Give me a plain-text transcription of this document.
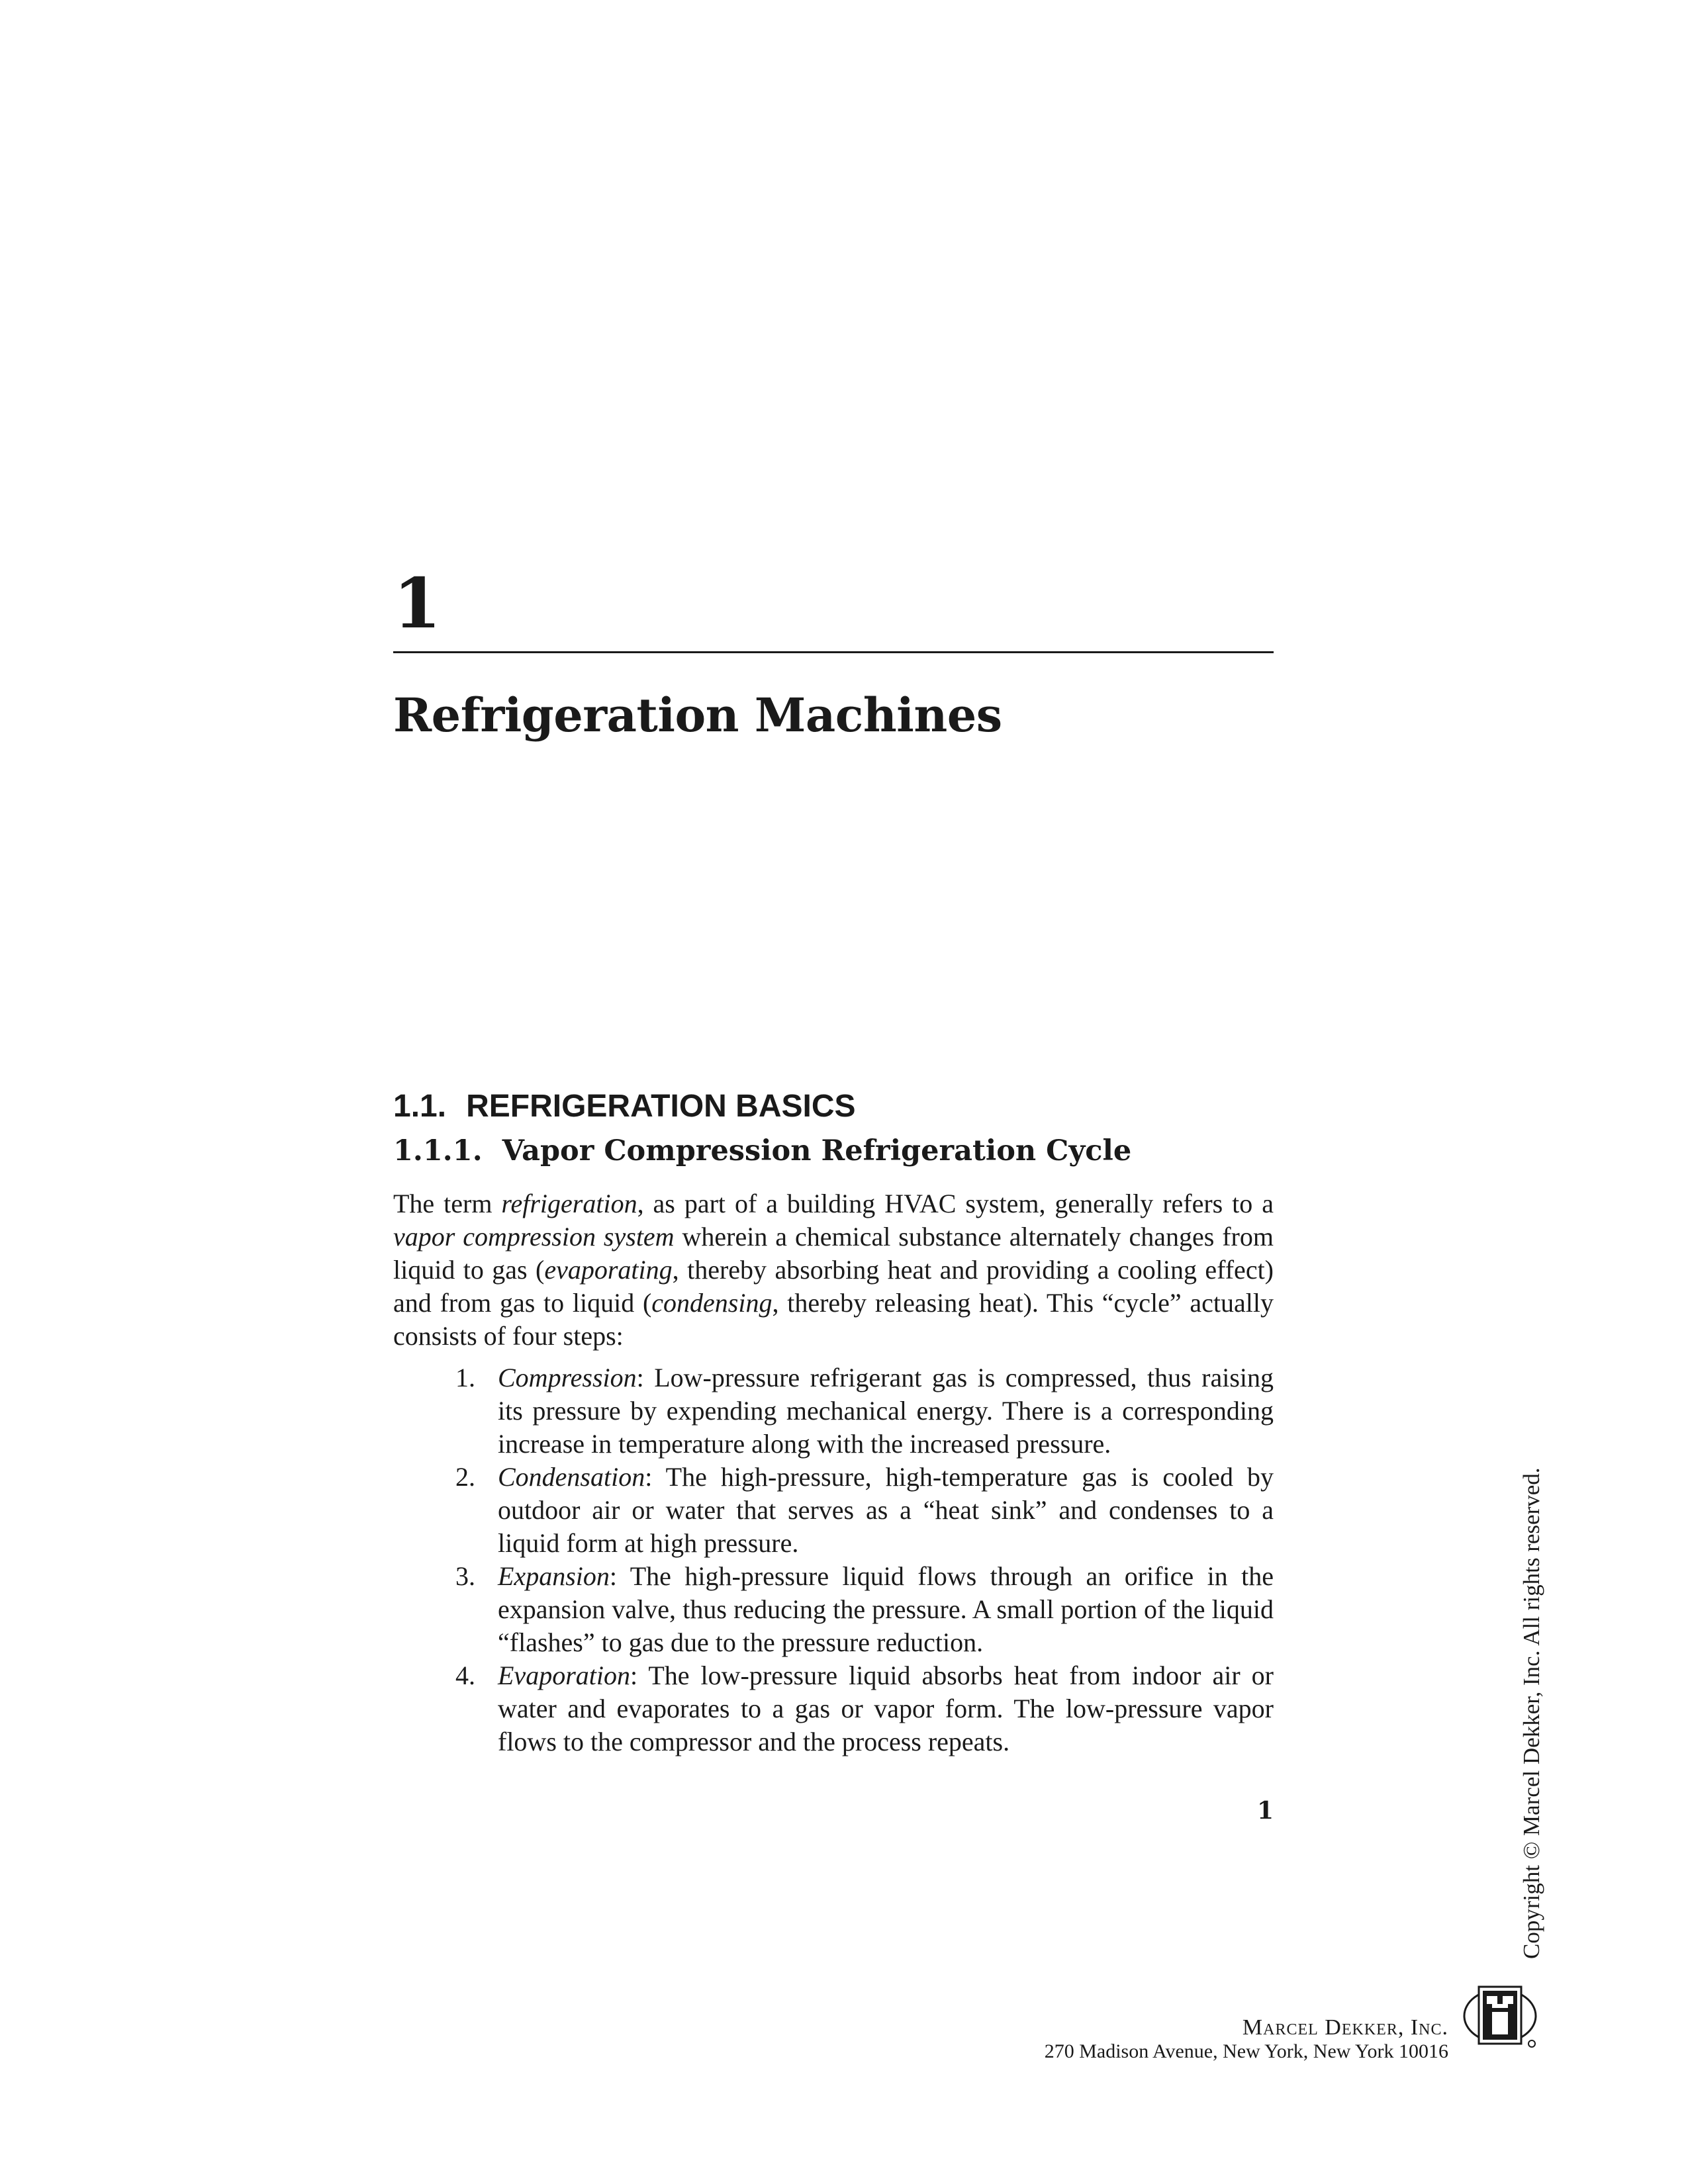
1
Refrigeration Machines
1.1. REFRIGERATION BASICS
1.1.1. Vapor Compression Refrigeration Cycle

The term refrigeration, as part of a building HVAC system, generally refers to a vapor compression system wherein a chemical substance alternately changes from liquid to gas (evaporating, thereby absorbing heat and providing a cooling effect) and from gas to liquid (condensing, thereby releasing heat). This “cycle” actually consists of four steps:

1. Compression: Low-pressure refrigerant gas is compressed, thus raising its pressure by expending mechanical energy. There is a corresponding increase in temperature along with the increased pressure.
2. Condensation: The high-pressure, high-temperature gas is cooled by outdoor air or water that serves as a “heat sink” and condenses to a liquid form at high pressure.
3. Expansion: The high-pressure liquid flows through an orifice in the expansion valve, thus reducing the pressure. A small portion of the liquid “flashes” to gas due to the pressure reduction.
4. Evaporation: The low-pressure liquid absorbs heat from indoor air or water and evaporates to a gas or vapor form. The low-pressure vapor flows to the compressor and the process repeats.
1	Copyright © Marcel Dekker, Inc. All rights reserved.
Marcel Dekker, Inc.
270 Madison Avenue, New York, New York 10016
